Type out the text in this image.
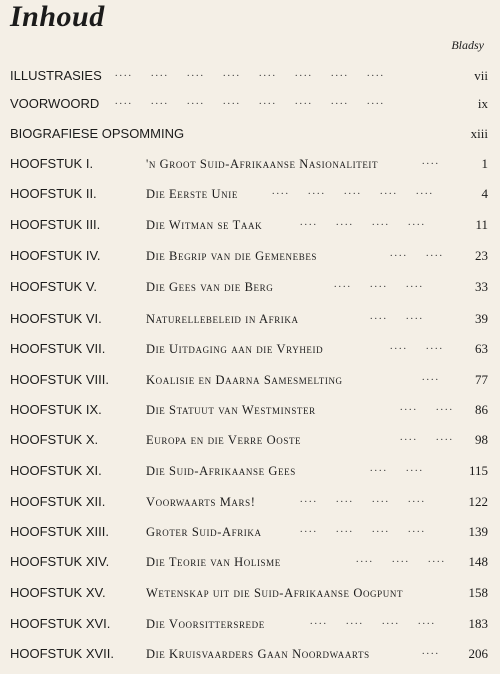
Inhoud
Bladsy
ILLUSTRASIES ....    ....    ....    ....    ....    ....    ....    ....	vii
VOORWOORD ....    ....    ....    ....    ....    ....    ....    ....	ix
BIOGRAFIESE OPSOMMING	xiii
HOOFSTUK I.	'n Groot Suid-Afrikaanse Nasionaliteit	....	1
HOOFSTUK II.	Die Eerste Unie	....    ....    ....    ....    ....	4
HOOFSTUK III.	Die Witman se Taak	....    ....    ....    ....	11
HOOFSTUK IV.	Die Begrip van die Gemenebes	....    .... 23
HOOFSTUK V.	Die Gees van die Berg	....    ....    ....	33
HOOFSTUK VI.	Naturellebeleid in Afrika	....    ....	39
HOOFSTUK VII.	Die Uitdaging aan die Vryheid	....    .... 63
HOOFSTUK VIII.	Koalisie en Daarna Samesmelting	....	77
HOOFSTUK IX.	Die Statuut van Westminster	....    .... 86
HOOFSTUK X.	Europa en die Verre Ooste	....    .... 98
HOOFSTUK XI.	Die Suid-Afrikaanse Gees	....    ....	115
HOOFSTUK XII.	Voorwaarts Mars!	....    ....    ....    ....	122
HOOFSTUK XIII.	Groter Suid-Afrika	....    ....    ....    ....	139
HOOFSTUK XIV.	Die Teorie van Holisme	....    ....    .... 148
HOOFSTUK XV.	Wetenskap uit die Suid-Afrikaanse Oogpunt	158
HOOFSTUK XVI.	Die Voorsittersrede	....    ....    ....    ....	183
HOOFSTUK XVII.	Die Kruisvaarders Gaan Noordwaarts	.... 206
